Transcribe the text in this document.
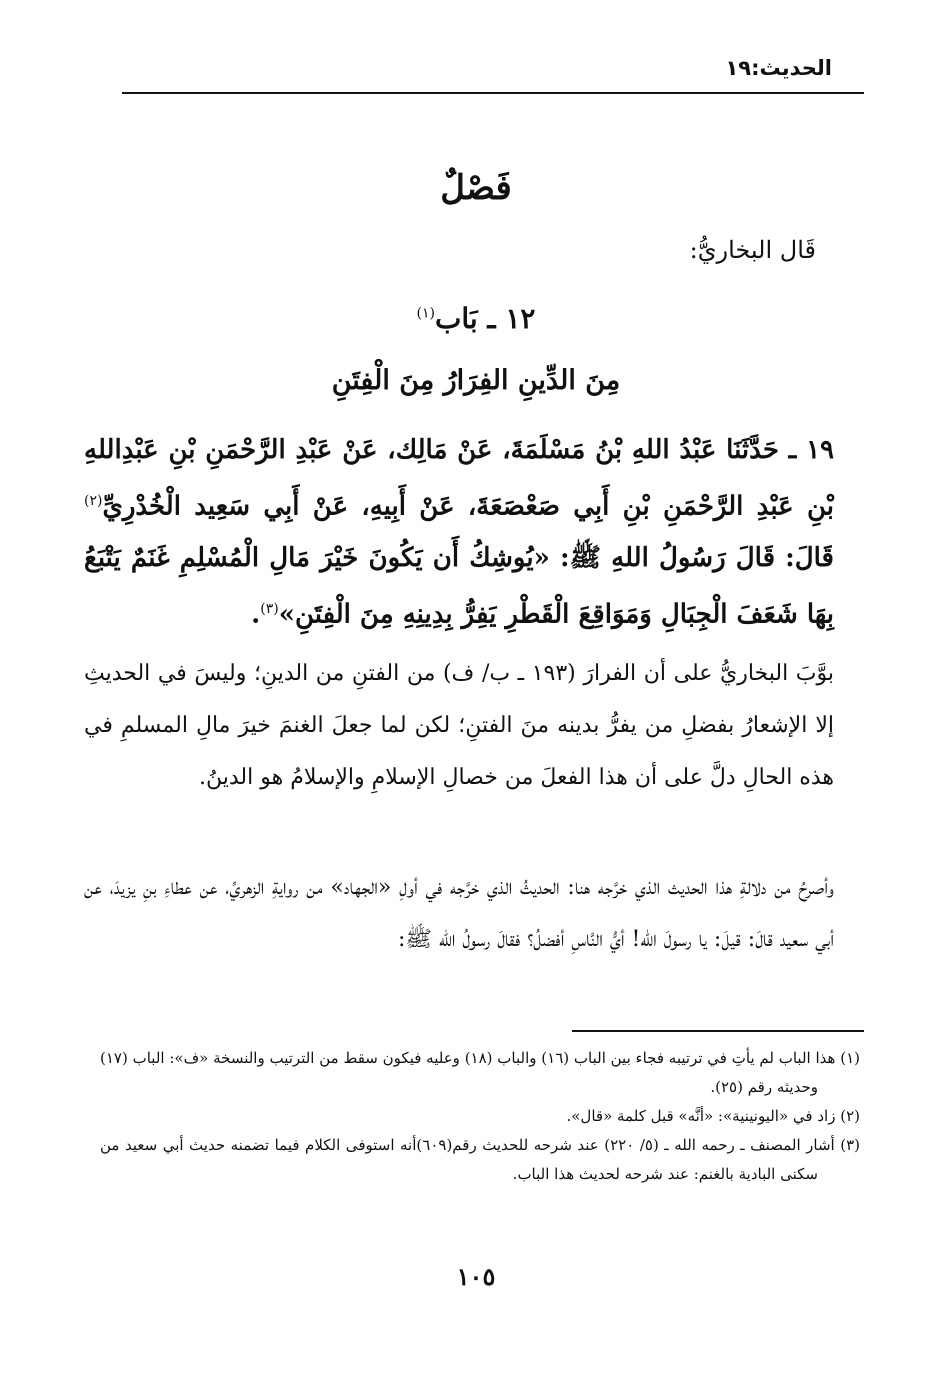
الحديث:١٩
فَصْلٌ
قَال البخاريُّ:
١٢ ـ بَاب$^{(١)}$
مِنَ الدِّينِ الفِرَارُ مِنَ الْفِتَنِ
١٩ ـ حَدَّثَنَا عَبْدُ اللهِ بْنُ مَسْلَمَةَ، عَنْ مَالِك، عَنْ عَبْدِ الرَّحْمَنِ بْنِ عَبْدِاللهِ بْنِ عَبْدِ الرَّحْمَنِ بْنِ أَبِي صَعْصَعَةَ، عَنْ أَبِيهِ، عَنْ أَبِي سَعِيد الْخُدْرِيِّ$^{(٢)}$ قَالَ: قَالَ رَسُولُ اللهِ ﷺ: «يُوشِكُ أَن يَكُونَ خَيْرَ مَالِ الْمُسْلِمِ غَنَمٌ يَتْبَعُ بِهَا شَعَفَ الْجِبَالِ وَمَوَاقِعَ الْقَطْرِ يَفِرُّ بِدِينِهِ مِنَ الْفِتَنِ»$^{(٣)}$.
بوَّبَ البخاريُّ على أن الفرارَ (١٩٣ ـ ب/ ف) من الفتنِ من الدينِ؛ وليسَ في الحديثِ إلا الإشعارُ بفضلِ من يفرُّ بدينه منَ الفتنِ؛ لكن لما جعلَ الغنمَ خيرَ مالِ المسلمِ في هذه الحالِ دلَّ على أن هذا الفعلَ من خصالِ الإسلامِ والإسلامُ هو الدينُ.
وأصرحُ من دلالةِ هذا الحديث الذي خرَّجه هنا: الحديثُ الذي خرَّجه في أولِ «الجهاد» من روايةِ الزهريِّ، عن عطاءِ بنِ يزيدَ، عن أبي سعيد قالَ: قيلَ: يا رسولَ الله! أيُّ النَّاسِ أفضلُ؟ فقالَ رسولُ الله ﷺ:

(١) هذا الباب لم يأتِ في ترتيبه فجاء بين الباب (١٦) والباب (١٨) وعليه فيكون سقط من الترتيب والنسخة «ف»: الباب (١٧) وحديثه رقم (٢٥).

(٢) زاد في «اليونينية»: «أنَّه» قبل كلمة «قال».

(٣) أشار المصنف ـ رحمه الله ـ (٥/ ٢٢٠) عند شرحه للحديث رقم(٦٠٩)أنه استوفى الكلام فيما تضمنه حديث أبي سعيد من سكنى البادية بالغنم: عند شرحه لحديث هذا الباب.

١٠٥
